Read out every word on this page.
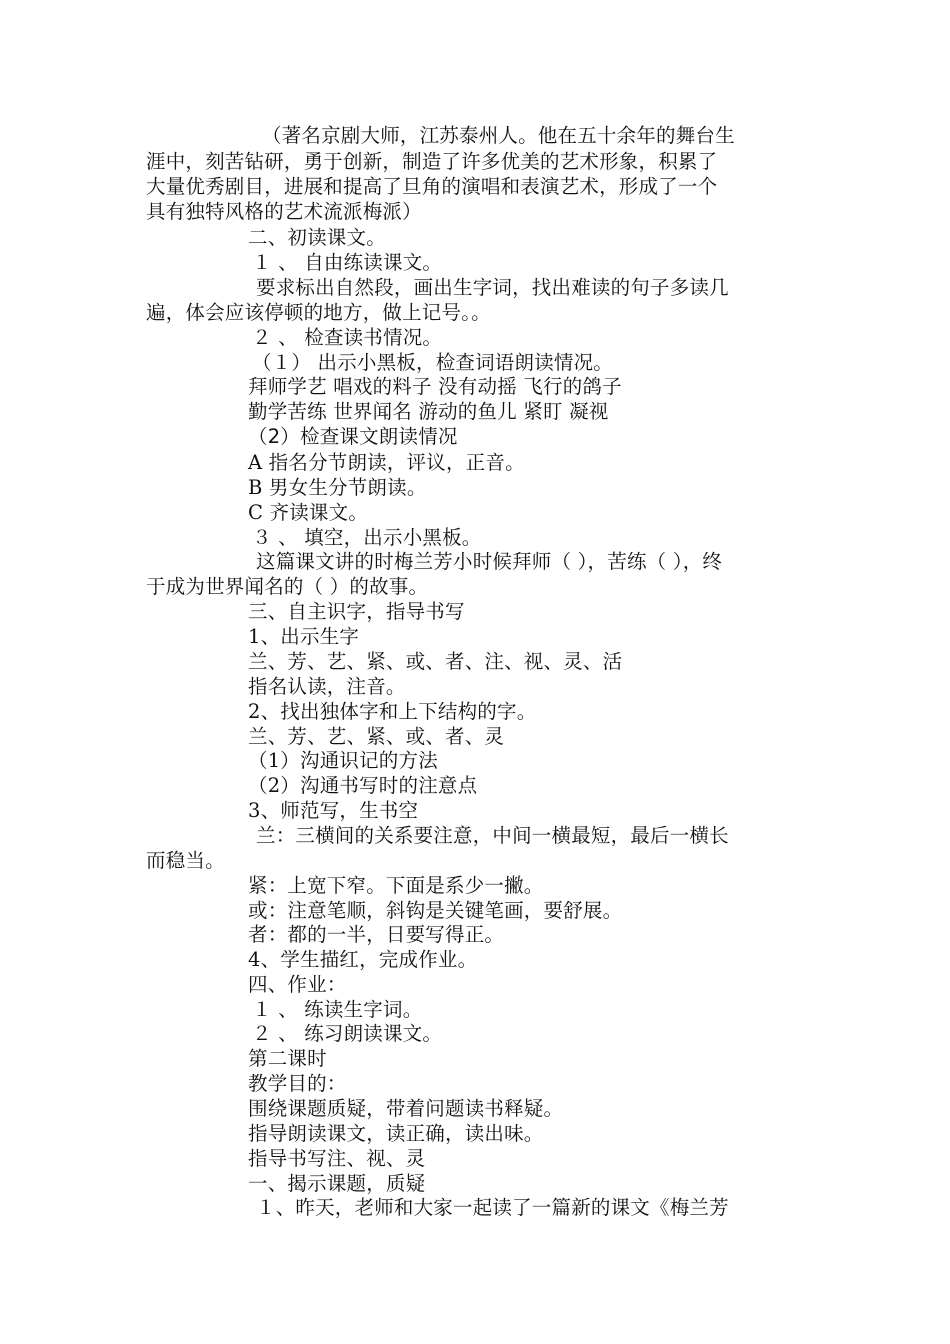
（著名京剧大师，江苏泰州人。他在五十余年的舞台生
涯中，刻苦钻研，勇于创新，制造了许多优美的艺术形象，积累了
大量优秀剧目，进展和提高了旦角的演唱和表演艺术，形成了一个
具有独特风格的艺术流派梅派）
二、初读课文。
１ 、 自由练读课文。
要求标出自然段，画出生字词，找出难读的句子多读几
遍，体会应该停顿的地方，做上记号。。
２ 、 检查读书情况。
（１） 出示小黑板，检查词语朗读情况。
拜师学艺 唱戏的料子 没有动摇 飞行的鸽子
勤学苦练 世界闻名 游动的鱼儿 紧盯 凝视
（2）检查课文朗读情况
A 指名分节朗读，评议，正音。
B 男女生分节朗读。
C 齐读课文。
３ 、 填空，出示小黑板。
这篇课文讲的时梅兰芳小时候拜师（ ），苦练（ ），终
于成为世界闻名的（ ）的故事。
三、自主识字，指导书写
1、出示生字
兰、芳、艺、紧、或、者、注、视、灵、活
指名认读，注音。
2、找出独体字和上下结构的字。
兰、芳、艺、紧、或、者、灵
（1）沟通识记的方法
（2）沟通书写时的注意点
3、师范写，生书空
兰：三横间的关系要注意，中间一横最短，最后一横长
而稳当。
紧：上宽下窄。下面是系少一撇。
或：注意笔顺，斜钩是关键笔画，要舒展。
者：都的一半，日要写得正。
4、学生描红，完成作业。
四、作业：
１ 、 练读生字词。
２ 、 练习朗读课文。
第二课时
教学目的：
围绕课题质疑，带着问题读书释疑。
指导朗读课文，读正确，读出味。
指导书写注、视、灵
一、揭示课题，质疑
１、昨天，老师和大家一起读了一篇新的课文《梅兰芳
